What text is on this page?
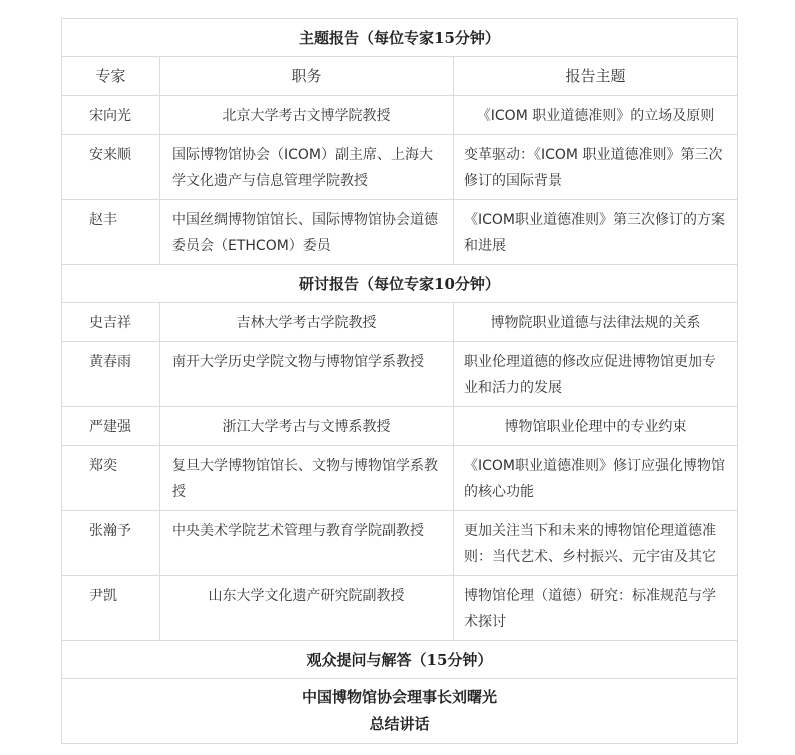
主题报告（每位专家15分钟）		
专家	职务	报告主题
宋向光	北京大学考古文博学院教授	《ICOM 职业道德准则》的立场及原则
安来顺	国际博物馆协会（ICOM）副主席、上海大学文化遗产与信息管理学院教授	变革驱动：《ICOM 职业道德准则》第三次修订的国际背景
赵丰	中国丝绸博物馆馆长、国际博物馆协会道德委员会（ETHCOM）委员	《ICOM职业道德准则》第三次修订的方案和进展
研讨报告（每位专家10分钟）		
史吉祥	吉林大学考古学院教授	博物院职业道德与法律法规的关系
黄春雨	南开大学历史学院文物与博物馆学系教授	职业伦理道德的修改应促进博物馆更加专业和活力的发展
严建强	浙江大学考古与文博系教授	博物馆职业伦理中的专业约束
郑奕	复旦大学博物馆馆长、文物与博物馆学系教授	《ICOM职业道德准则》修订应强化博物馆的核心功能
张瀚予	中央美术学院艺术管理与教育学院副教授	更加关注当下和未来的博物馆伦理道德准则：当代艺术、乡村振兴、元宇宙及其它
尹凯	山东大学文化遗产研究院副教授	博物馆伦理（道德）研究：标准规范与学术探讨
观众提问与解答（15分钟）		

中国博物馆协会理事长刘曙光
总结讲话		
